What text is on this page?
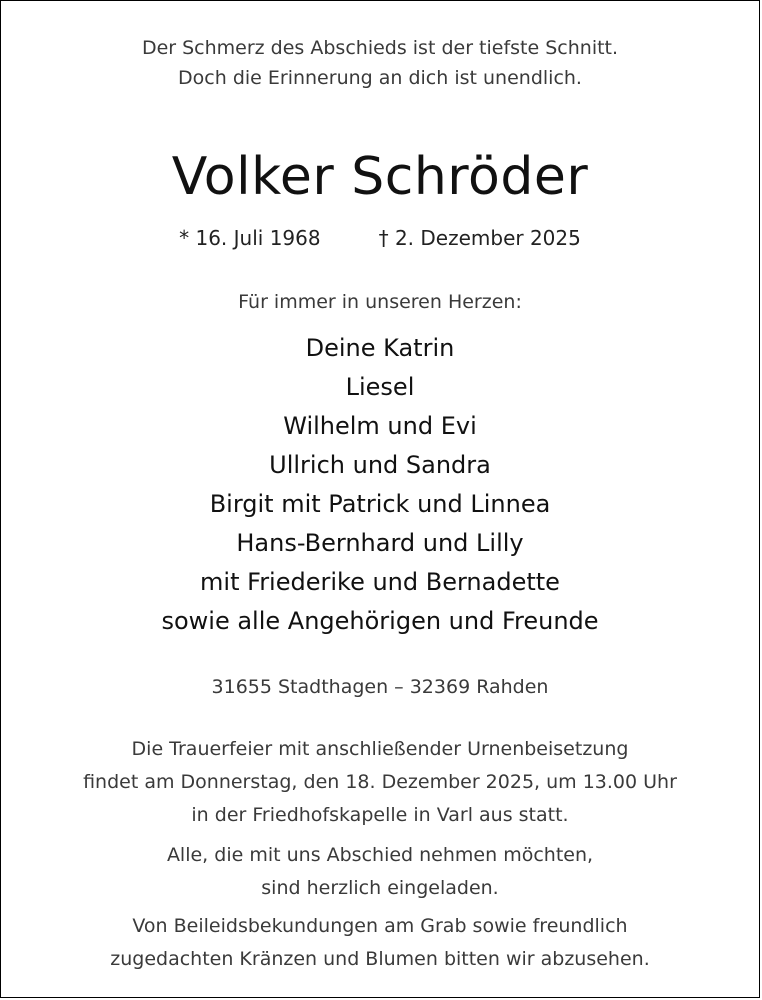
Der Schmerz des Abschieds ist der tiefste Schnitt.
Doch die Erinnerung an dich ist unendlich.
Volker Schröder
* 16. Juli 1968	† 2. Dezember 2025
Für immer in unseren Herzen:
Deine Katrin
Liesel
Wilhelm und Evi
Ullrich und Sandra
Birgit mit Patrick und Linnea
Hans-Bernhard und Lilly
mit Friederike und Bernadette
sowie alle Angehörigen und Freunde
31655 Stadthagen – 32369 Rahden
Die Trauerfeier mit anschließender Urnenbeisetzung
findet am Donnerstag, den 18. Dezember 2025, um 13.00 Uhr
in der Friedhofskapelle in Varl aus statt.
Alle, die mit uns Abschied nehmen möchten,
sind herzlich eingeladen.
Von Beileidsbekundungen am Grab sowie freundlich
zugedachten Kränzen und Blumen bitten wir abzusehen.
